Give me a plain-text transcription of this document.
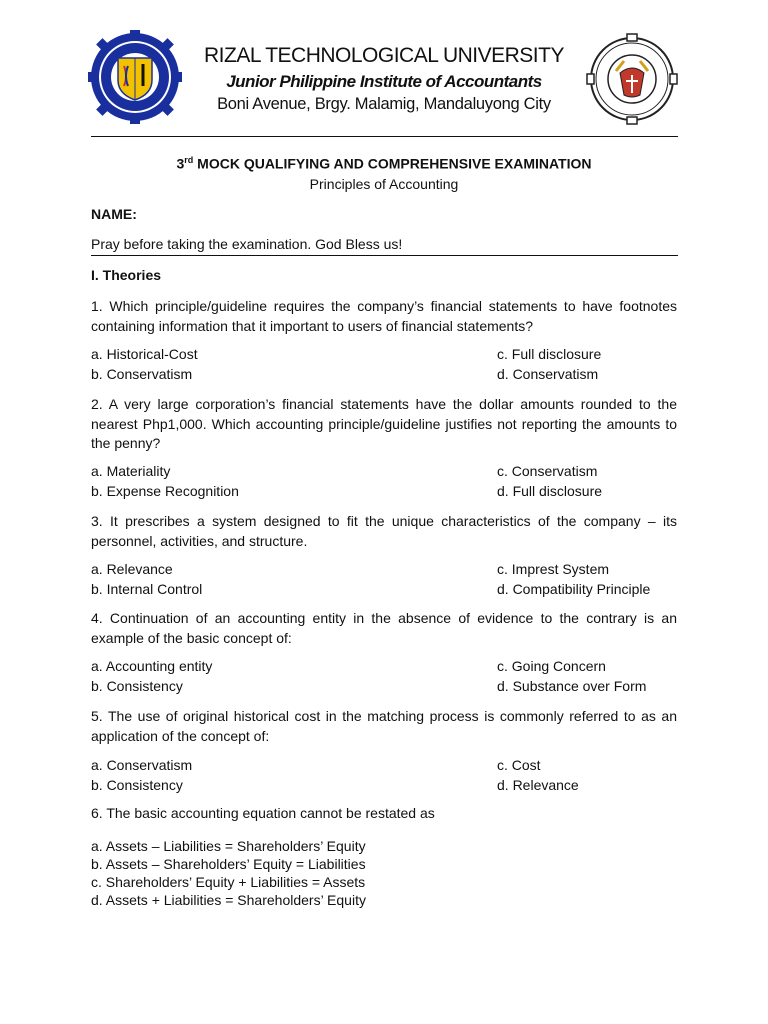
RIZAL TECHNOLOGICAL UNIVERSITY
Junior Philippine Institute of Accountants
Boni Avenue, Brgy. Malamig, Mandaluyong City
3rd MOCK QUALIFYING AND COMPREHENSIVE EXAMINATION
Principles of Accounting
NAME:
Pray before taking the examination. God Bless us!
I. Theories
1. Which principle/guideline requires the company’s financial statements to have footnotes containing information that it important to users of financial statements?
a. Historical-Cost
b. Conservatism
c. Full disclosure
d. Conservatism
2. A very large corporation’s financial statements have the dollar amounts rounded to the nearest Php1,000. Which accounting principle/guideline justifies not reporting the amounts to the penny?
a. Materiality
b. Expense Recognition
c. Conservatism
d. Full disclosure
3. It prescribes a system designed to fit the unique characteristics of the company – its personnel, activities, and structure.
a. Relevance
b. Internal Control
c. Imprest System
d. Compatibility Principle
4. Continuation of an accounting entity in the absence of evidence to the contrary is an example of the basic concept of:
a. Accounting entity
b. Consistency
c. Going Concern
d. Substance over Form
5. The use of original historical cost in the matching process is commonly referred to as an application of the concept of:
a. Conservatism
b. Consistency
c. Cost
d. Relevance
6. The basic accounting equation cannot be restated as
a. Assets – Liabilities = Shareholders’ Equity
b. Assets – Shareholders’ Equity = Liabilities
c. Shareholders’ Equity + Liabilities = Assets
d. Assets + Liabilities = Shareholders’ Equity
